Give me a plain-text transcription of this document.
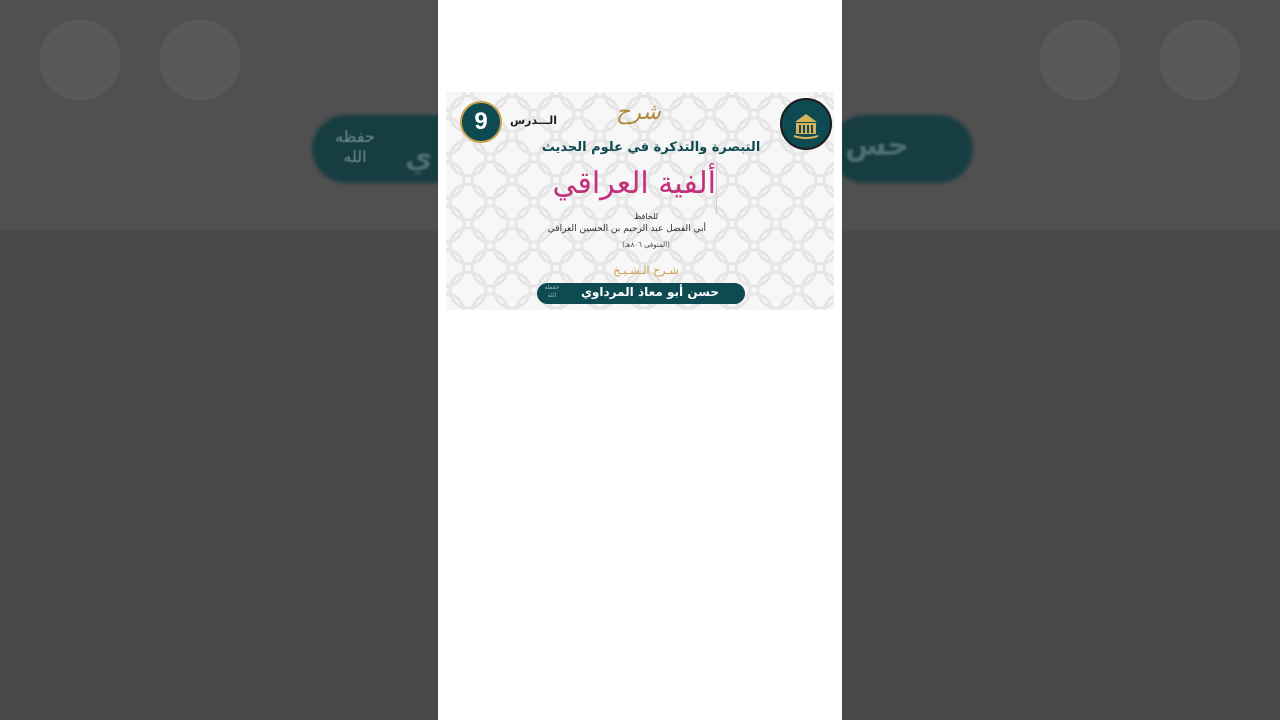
حفظه الله	ي	حس
9	الـــدرس	شرح
التبصرة والتذكرة في علوم الحديث
ألفية العراقي
للحافظ
أبي الفضل عبد الرحيم بن الحسين العراقي
(المتوفى ٨٠٦هـ)
شـرح الـشـيـخ
حسن أبو معاذ المرداوي
حفظه الله
